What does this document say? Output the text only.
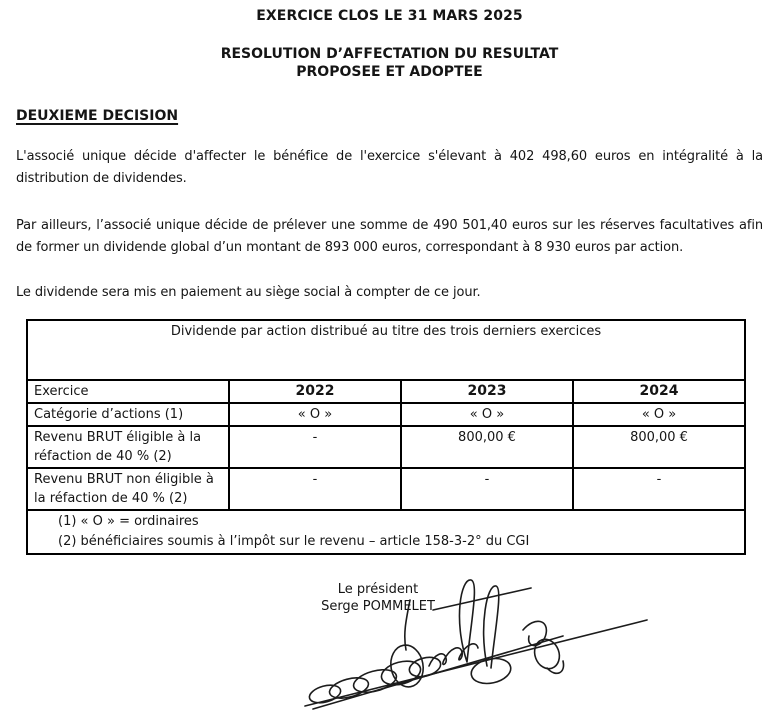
EXERCICE CLOS LE 31 MARS 2025
RESOLUTION D’AFFECTATION DU RESULTAT
PROPOSEE ET ADOPTEE
DEUXIEME DECISION

L'associé unique décide d'affecter le bénéfice de l'exercice s'élevant à 402 498,60 euros en intégralité à la distribution de dividendes.

Par ailleurs, l’associé unique décide de prélever une somme de 490 501,40 euros sur les réserves facultatives afin de former un dividende global d’un montant de 893 000 euros, correspondant à 8 930 euros par action.

Le dividende sera mis en paiement au siège social à compter de ce jour.

Dividende par action distribué au titre des trois derniers exercices			
Exercice	2022	2023	2024
Catégorie d’actions (1)	« O »	« O »	« O »
Revenu BRUT éligible à la réfaction de 40 % (2)	-	800,00 €	800,00 €
Revenu BRUT non éligible à la réfaction de 40 % (2)	-	-	-

(1) « O » = ordinaires
(2) bénéficiaires soumis à l’impôt sur le revenu – article 158-3-2° du CGI			
Le président
Serge POMMELET
